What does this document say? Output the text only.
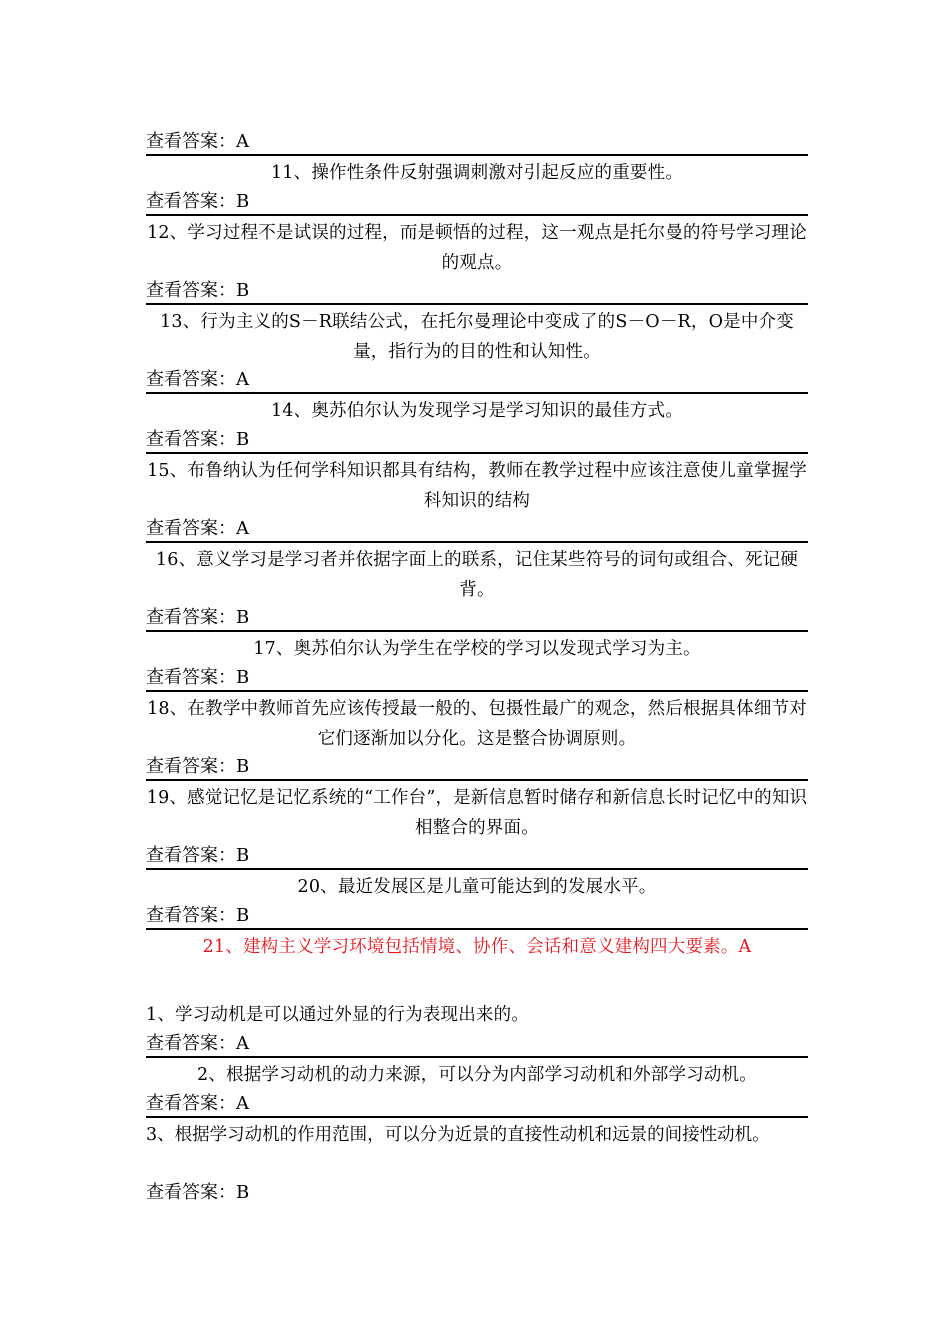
查看答案：A
11、操作性条件反射强调刺激对引起反应的重要性。
查看答案：B
12、学习过程不是试误的过程，而是顿悟的过程，这一观点是托尔曼的符号学习理论的观点。
查看答案：B
13、行为主义的S－R联结公式，在托尔曼理论中变成了的S－O－R，O是中介变量，指行为的目的性和认知性。
查看答案：A
14、奥苏伯尔认为发现学习是学习知识的最佳方式。
查看答案：B
15、布鲁纳认为任何学科知识都具有结构，教师在教学过程中应该注意使儿童掌握学科知识的结构
查看答案：A
16、意义学习是学习者并依据字面上的联系，记住某些符号的词句或组合、死记硬背。
查看答案：B
17、奥苏伯尔认为学生在学校的学习以发现式学习为主。
查看答案：B
18、在教学中教师首先应该传授最一般的、包摄性最广的观念，然后根据具体细节对它们逐渐加以分化。这是整合协调原则。
查看答案：B
19、感觉记忆是记忆系统的“工作台”，是新信息暂时储存和新信息长时记忆中的知识相整合的界面。
查看答案：B
20、最近发展区是儿童可能达到的发展水平。
查看答案：B
21、建构主义学习环境包括情境、协作、会话和意义建构四大要素。A
1、学习动机是可以通过外显的行为表现出来的。
查看答案：A
2、根据学习动机的动力来源，可以分为内部学习动机和外部学习动机。
查看答案：A
3、根据学习动机的作用范围，可以分为近景的直接性动机和远景的间接性动机。
查看答案：B
